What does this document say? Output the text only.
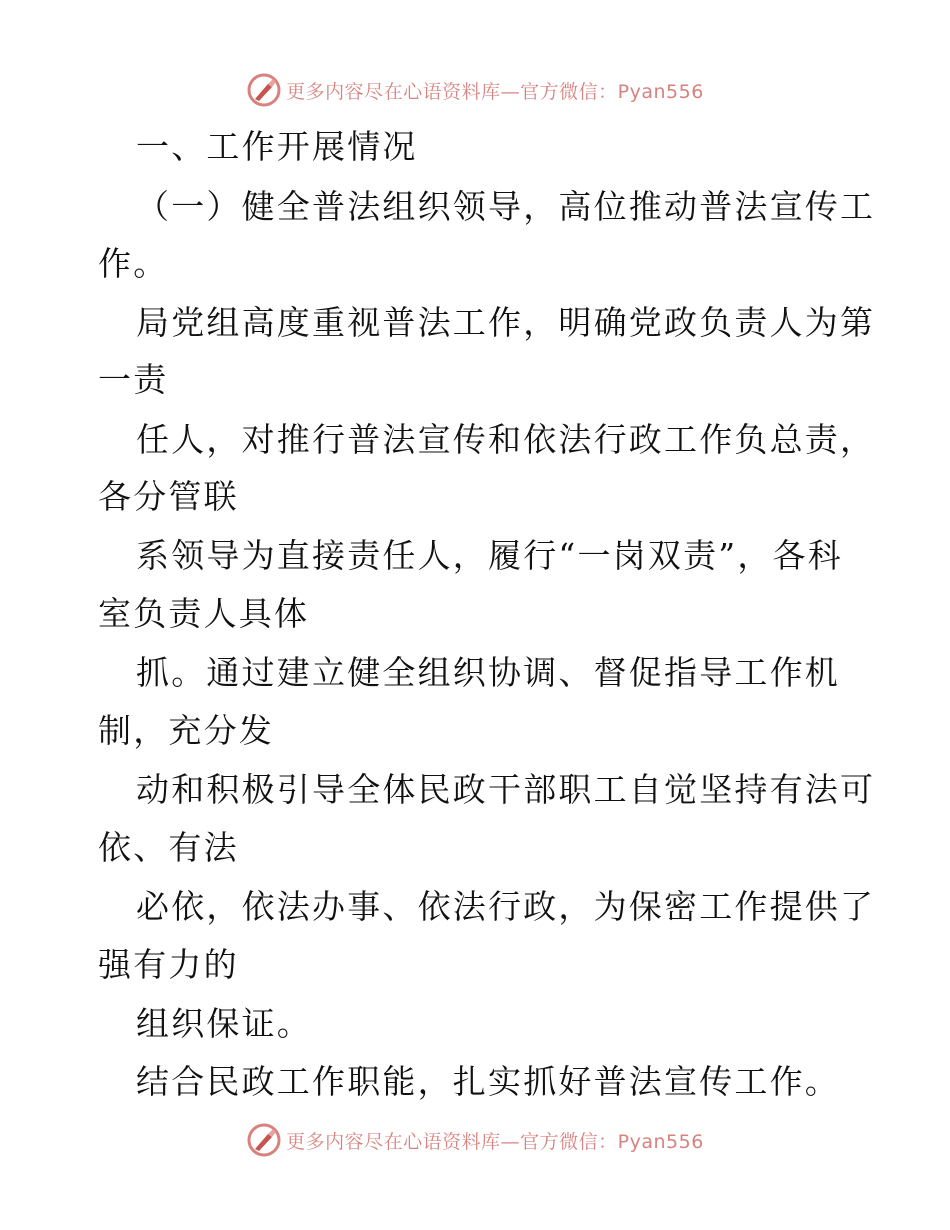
更多内容尽在心语资料库—官方微信：Pyan556
一、工作开展情况
（一）健全普法组织领导，高位推动普法宣传工
作。
局党组高度重视普法工作，明确党政负责人为第
一责
任人，对推行普法宣传和依法行政工作负总责，
各分管联
系领导为直接责任人，履行“一岗双责”，各科
室负责人具体
抓。通过建立健全组织协调、督促指导工作机
制，充分发
动和积极引导全体民政干部职工自觉坚持有法可
依、有法
必依，依法办事、依法行政，为保密工作提供了
强有力的
组织保证。
结合民政工作职能，扎实抓好普法宣传工作。
更多内容尽在心语资料库—官方微信：Pyan556
